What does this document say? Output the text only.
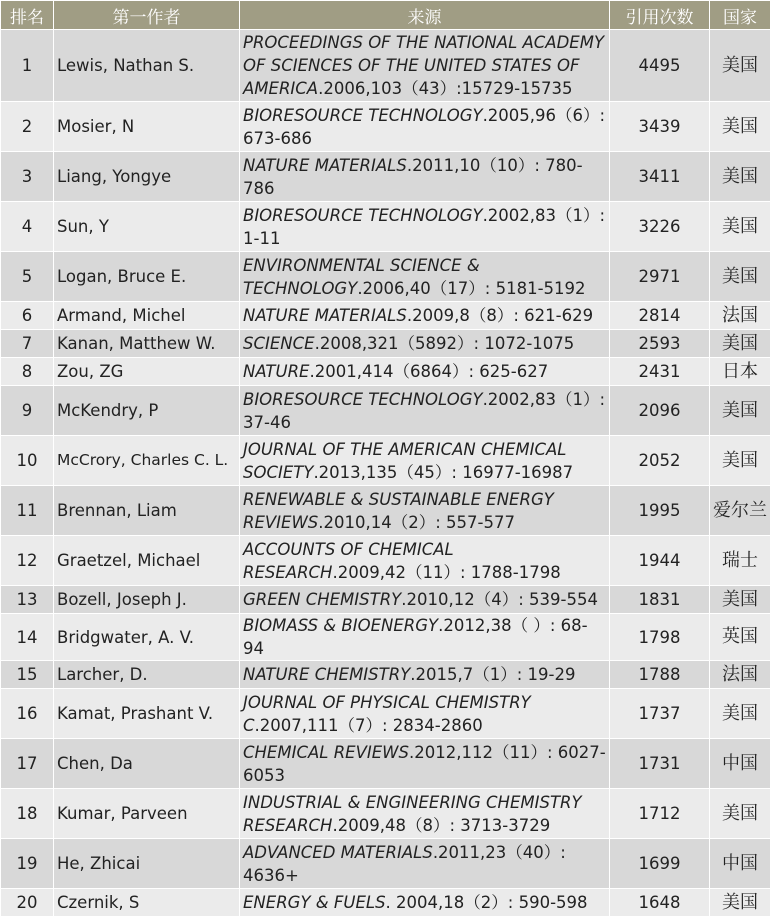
排名	第一作者	来源	引用次数	国家
1	Lewis, Nathan S.	PROCEEDINGS OF THE NATIONAL ACADEMY OF SCIENCES OF THE UNITED STATES OF AMERICA.2006,103（43）:15729-15735	4495	美国
2	Mosier, N	BIORESOURCE TECHNOLOGY.2005,96（6）: 673-686	3439	美国
3	Liang, Yongye	NATURE MATERIALS.2011,10（10）: 780-786	3411	美国
4	Sun, Y	BIORESOURCE TECHNOLOGY.2002,83（1）: 1-11	3226	美国
5	Logan, Bruce E.	ENVIRONMENTAL SCIENCE & TECHNOLOGY.2006,40（17）: 5181-5192	2971	美国
6	Armand, Michel	NATURE MATERIALS.2009,8（8）: 621-629	2814	法国
7	Kanan, Matthew W.	SCIENCE.2008,321（5892）: 1072-1075	2593	美国
8	Zou, ZG	NATURE.2001,414（6864）: 625-627	2431	日本
9	McKendry, P	BIORESOURCE TECHNOLOGY.2002,83（1）: 37-46	2096	美国
10	McCrory, Charles C. L.	JOURNAL OF THE AMERICAN CHEMICAL SOCIETY.2013,135（45）: 16977-16987	2052	美国
11	Brennan, Liam	RENEWABLE & SUSTAINABLE ENERGY REVIEWS.2010,14（2）: 557-577	1995	爱尔兰
12	Graetzel, Michael	ACCOUNTS OF CHEMICAL RESEARCH.2009,42（11）: 1788-1798	1944	瑞士
13	Bozell, Joseph J.	GREEN CHEMISTRY.2010,12（4）: 539-554	1831	美国
14	Bridgwater, A. V.	BIOMASS & BIOENERGY.2012,38（ ）: 68-94	1798	英国
15	Larcher, D.	NATURE CHEMISTRY.2015,7（1）: 19-29	1788	法国
16	Kamat, Prashant V.	JOURNAL OF PHYSICAL CHEMISTRY C.2007,111（7）: 2834-2860	1737	美国
17	Chen, Da	CHEMICAL REVIEWS.2012,112（11）: 6027-6053	1731	中国
18	Kumar, Parveen	INDUSTRIAL & ENGINEERING CHEMISTRY RESEARCH.2009,48（8）: 3713-3729	1712	美国
19	He, Zhicai	ADVANCED MATERIALS.2011,23（40）: 4636+	1699	中国
20	Czernik, S	ENERGY & FUELS. 2004,18（2）: 590-598	1648	美国
